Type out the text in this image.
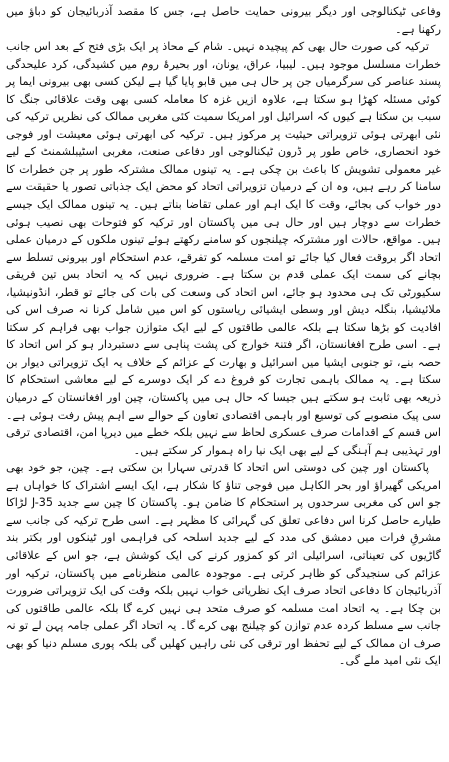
وفاعی ٹیکنالوجی اور دیگر بیرونی حمایت حاصل ہے، جس کا مقصد آذربائیجان کو دباؤ میں رکھنا ہے۔

ترکیہ کی صورت حال بھی کم پیچیدہ نہیں۔ شام کے محاذ پر ایک بڑی فتح کے بعد اس جانب خطرات مسلسل موجود ہیں۔ لیبیا، عراق، یونان، اور بحیرۂ روم میں کشیدگی، کرد علیحدگی پسند عناصر کی سرگرمیاں جن پر حال ہی میں قابو پایا گیا ہے لیکن کسی بھی بیرونی ایما پر کوئی مسئلہ کھڑا ہو سکتا ہے، علاوہ ازیں غزہ کا معاملہ کسی بھی وقت علاقائی جنگ کا سبب بن سکتا ہے کیوں کہ اسرائیل اور امریکا سمیت کئی مغربی ممالک کی نظریں ترکیہ کی نئی ابھرتی ہوئی تزویراتی حیثیت پر مرکوز ہیں۔ ترکیہ کی ابھرتی ہوئی معیشت اور فوجی خود انحصاری، خاص طور پر ڈرون ٹیکنالوجی اور دفاعی صنعت، مغربی اسٹیبلشمنٹ کے لیے غیر معمولی تشویش کا باعث بن چکی ہے۔ یہ تینوں ممالک مشترکہ طور پر جن خطرات کا سامنا کر رہے ہیں، وہ ان کے درمیان تزویراتی اتحاد کو محض ایک جذباتی تصور یا حقیقت سے دور خواب کی بجائے، وقت کا ایک اہم اور عملی تقاضا بناتے ہیں۔ یہ تینوں ممالک ایک جیسے خطرات سے دوچار ہیں اور حال ہی میں پاکستان اور ترکیہ کو فتوحات بھی نصیب ہوئی ہیں۔ مواقع، حالات اور مشترکہ چیلنجوں کو سامنے رکھتے ہوئے تینوں ملکوں کے درمیان عملی اتحاد اگر بروقت فعال کیا جائے تو امت مسلمہ کو تفرقے، عدم استحکام اور بیرونی تسلط سے بچانے کی سمت ایک عملی قدم بن سکتا ہے۔ ضروری نہیں کہ یہ اتحاد بس تین فریقی سکیورٹی تک ہی محدود ہو جائے، اس اتحاد کی وسعت کی بات کی جائے تو قطر، انڈونیشیا، ملائیشیا، بنگلہ دیش اور وسطی ایشیائی ریاستوں کو اس میں شامل کرنا نہ صرف اس کی افادیت کو بڑھا سکتا ہے بلکہ عالمی طاقتوں کے لیے ایک متوازن جواب بھی فراہم کر سکتا ہے۔ اسی طرح افغانستان، اگر فتنۃ خوارج کی پشت پناہی سے دستبردار ہو کر اس اتحاد کا حصہ بنے، تو جنوبی ایشیا میں اسرائیل و بھارت کے عزائم کے خلاف یہ ایک تزویراتی دیوار بن سکتا ہے۔ یہ ممالک باہمی تجارت کو فروغ دے کر ایک دوسرے کے لیے معاشی استحکام کا ذریعہ بھی ثابت ہو سکتے ہیں جیسا کہ حال ہی میں پاکستان، چین اور افغانستان کے درمیان سی پیک منصوبے کی توسیع اور باہمی اقتصادی تعاون کے حوالے سے اہم پیش رفت ہوئی ہے۔ اس قسم کے اقدامات صرف عسکری لحاظ سے نہیں بلکہ خطے میں دیرپا امن، اقتصادی ترقی اور تہذیبی ہم آہنگی کے لیے بھی ایک نیا راہ ہموار کر سکتے ہیں۔

پاکستان اور چین کی دوستی اس اتحاد کا قدرتی سہارا بن سکتی ہے۔ چین، جو خود بھی امریکی گھیراؤ اور بحر الکاہل میں فوجی تناؤ کا شکار ہے، ایک ایسے اشتراک کا خواہاں ہے جو اس کی مغربی سرحدوں پر استحکام کا ضامن ہو۔ پاکستان کا چین سے جدید J-35 لڑاکا طیارے حاصل کرنا اس دفاعی تعلق کی گہرائی کا مظہر ہے۔ اسی طرح ترکیہ کی جانب سے مشرقِ فرات میں دمشق کی مدد کے لیے جدید اسلحہ کی فراہمی اور ٹینکوں اور بکتر بند گاڑیوں کی تعیناتی، اسرائیلی اثر کو کمزور کرنے کی ایک کوشش ہے، جو اس کے علاقائی عزائم کی سنجیدگی کو ظاہر کرتی ہے۔ موجودہ عالمی منظرنامے میں پاکستان، ترکیہ اور آذربائیجان کا دفاعی اتحاد صرف ایک نظریاتی خواب نہیں بلکہ وقت کی ایک تزویراتی ضرورت بن چکا ہے۔ یہ اتحاد امت مسلمہ کو صرف متحد ہی نہیں کرے گا بلکہ عالمی طاقتوں کی جانب سے مسلط کردہ عدم توازن کو چیلنج بھی کرے گا۔ یہ اتحاد اگر عملی جامہ پہن لے تو نہ صرف ان ممالک کے لیے تحفظ اور ترقی کی نئی راہیں کھلیں گی بلکہ پوری مسلم دنیا کو بھی ایک نئی امید ملے گی۔
